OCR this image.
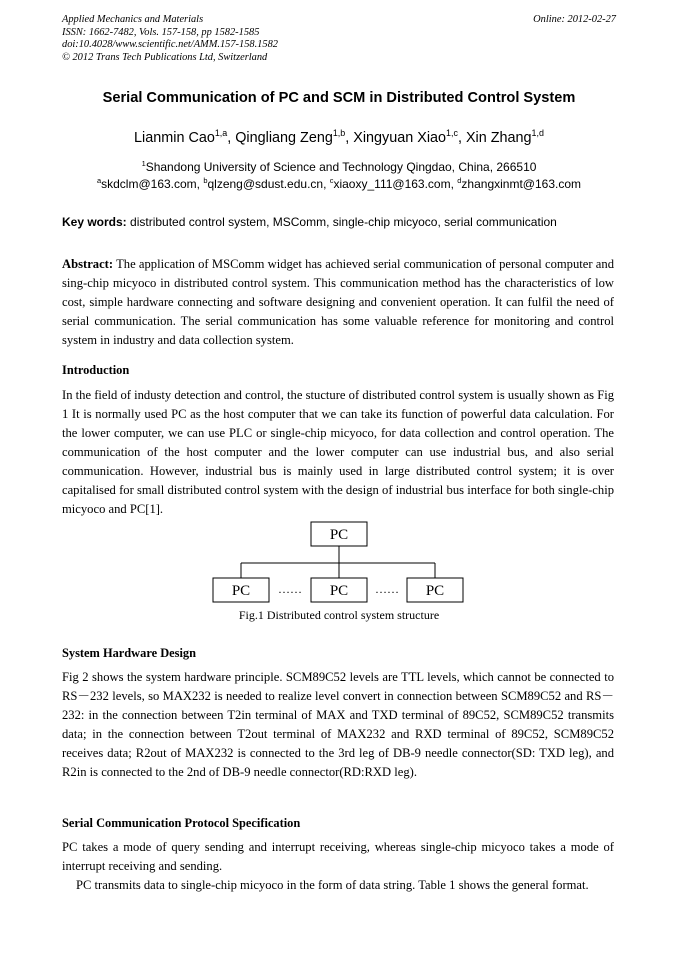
Applied Mechanics and Materials
ISSN: 1662-7482, Vols. 157-158, pp 1582-1585
doi:10.4028/www.scientific.net/AMM.157-158.1582
© 2012 Trans Tech Publications Ltd, Switzerland
Online: 2012-02-27
Serial Communication of PC and SCM in Distributed Control System
Lianmin Cao$^{1,a}$, Qingliang Zeng$^{1,b}$, Xingyuan Xiao$^{1,c}$, Xin Zhang$^{1,d}$
$^1$Shandong University of Science and Technology Qingdao, China, 266510
$^a$skdclm@163.com, $^b$qlzeng@sdust.edu.cn, $^c$xiaoxy_111@163.com, $^d$zhangxinmt@163.com
Key words: distributed control system, MSComm, single-chip micyoco, serial communication
Abstract: The application of MSComm widget has achieved serial communication of personal computer and sing-chip micyoco in distributed control system. This communication method has the characteristics of low cost, simple hardware connecting and software designing and convenient operation. It can fulfil the need of serial communication. The serial communication has some valuable reference for monitoring and control system in industry and data collection system.
Introduction
In the field of industy detection and control, the stucture of distributed control system is usually shown as Fig 1 It is normally used PC as the host computer that we can take its function of powerful data calculation. For the lower computer, we can use PLC or single-chip micyoco, for data collection and control operation. The communication of the host computer and the lower computer can use industrial bus, and also serial communication. However, industrial bus is mainly used in large distributed control system; it is over capitalised for small distributed control system with the design of industrial bus interface for both single-chip micyoco and PC[1].
PC
PC	PC	PC
……	……
Fig.1 Distributed control system structure
System Hardware Design
Fig 2 shows the system hardware principle. SCM89C52 levels are TTL levels, which cannot be connected to RS－232 levels, so MAX232 is needed to realize level convert in connection between SCM89C52 and RS－232: in the connection between T2in terminal of MAX and TXD terminal of 89C52, SCM89C52 transmits data; in the connection between T2out terminal of MAX232 and RXD terminal of 89C52, SCM89C52 receives data; R2out of MAX232 is connected to the 3rd leg of DB-9 needle connector(SD: TXD leg), and R2in is connected to the 2nd of DB-9 needle connector(RD:RXD leg).
Serial Communication Protocol Specification
PC takes a mode of query sending and interrupt receiving, whereas single-chip micyoco takes a mode of interrupt receiving and sending.
PC transmits data to single-chip micyoco in the form of data string. Table 1 shows the general format.
